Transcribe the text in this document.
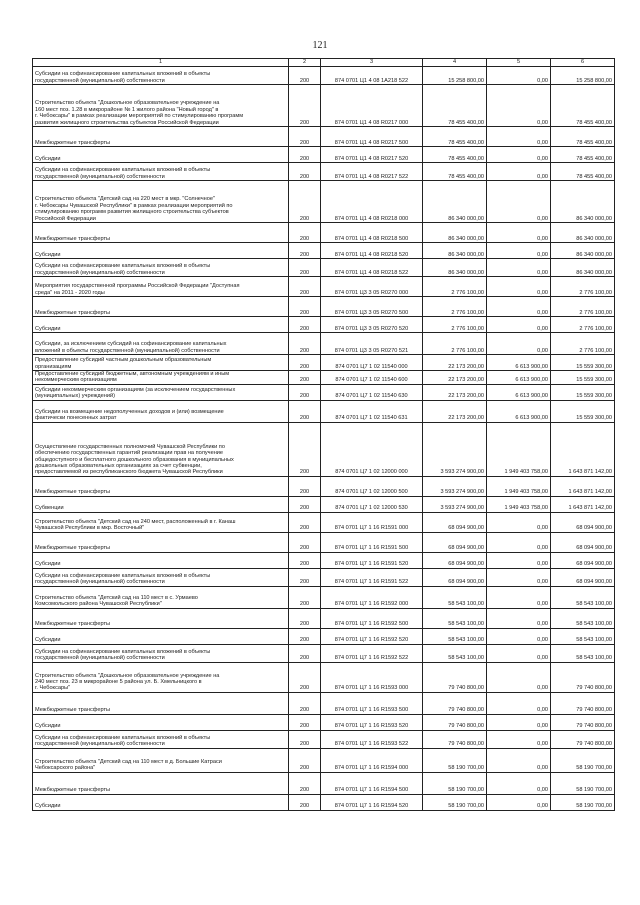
121
1	2	3	4	5	6

Субсидии на софинансирование капитальных вложений в объекты
государственной (муниципальной) собственности	200	874 0701 Ц1 4 08 1А218 522	15 258 800,00	0,00	15 258 800,00

Строительство объекта "Дошкольное образовательное учреждение на
160 мест поз. 1.28 в микрорайоне № 1 жилого района "Новый город" в
г. Чебоксары" в рамках реализации мероприятий по стимулированию программ
развития жилищного строительства субъектов Российской Федерации	200	874 0701 Ц1 4 08 R0217 000	78 455 400,00	0,00	78 455 400,00

Межбюджетные трансферты	200	874 0701 Ц1 4 08 R0217 500	78 455 400,00	0,00	78 455 400,00

Субсидии	200	874 0701 Ц1 4 08 R0217 520	78 455 400,00	0,00	78 455 400,00

Субсидии на софинансирование капитальных вложений в объекты
государственной (муниципальной) собственности	200	874 0701 Ц1 4 08 R0217 522	78 455 400,00	0,00	78 455 400,00

Строительство объекта "Детский сад на 220 мест в мкр. "Солнечное"
г. Чебоксары Чувашской Республики" в рамках реализации мероприятий по
стимулированию программ развития жилищного строительства субъектов
Российской Федерации	200	874 0701 Ц1 4 08 R0218 000	86 340 000,00	0,00	86 340 000,00

Межбюджетные трансферты	200	874 0701 Ц1 4 08 R0218 500	86 340 000,00	0,00	86 340 000,00

Субсидии	200	874 0701 Ц1 4 08 R0218 520	86 340 000,00	0,00	86 340 000,00

Субсидии на софинансирование капитальных вложений в объекты
государственной (муниципальной) собственности	200	874 0701 Ц1 4 08 R0218 522	86 340 000,00	0,00	86 340 000,00

Мероприятия государственной программы Российской Федерации "Доступная
среда" на 2011 - 2020 годы	200	874 0701 Ц3 3 05 R0270 000	2 776 100,00	0,00	2 776 100,00

Межбюджетные трансферты	200	874 0701 Ц3 3 05 R0270 500	2 776 100,00	0,00	2 776 100,00

Субсидии	200	874 0701 Ц3 3 05 R0270 520	2 776 100,00	0,00	2 776 100,00

Субсидии, за исключением субсидий на софинансирование капитальных
вложений в объекты государственной (муниципальной) собственности	200	874 0701 Ц3 3 05 R0270 521	2 776 100,00	0,00	2 776 100,00

Предоставление субсидий частным дошкольным образовательным
организациям	200	874 0701 Ц7 1 02 11540 000	22 173 200,00	6 613 900,00	15 559 300,00

Предоставление субсидий бюджетным, автономным учреждениям и иным
некоммерческим организациям	200	874 0701 Ц7 1 02 11540 600	22 173 200,00	6 613 900,00	15 559 300,00

Субсидии некоммерческим организациям (за исключением государственных
(муниципальных) учреждений)	200	874 0701 Ц7 1 02 11540 630	22 173 200,00	6 613 900,00	15 559 300,00

Субсидии на возмещение недополученных доходов и (или) возмещение
фактически понесенных затрат	200	874 0701 Ц7 1 02 11540 631	22 173 200,00	6 613 900,00	15 559 300,00

Осуществление государственных полномочий Чувашской Республики по
обеспечению государственных гарантий реализации прав на получение
общедоступного и бесплатного дошкольного образования в муниципальных
дошкольных образовательных организациях за счет субвенции,
предоставляемой из республиканского бюджета Чувашской Республики	200	874 0701 Ц7 1 02 12000 000	3 593 274 900,00	1 949 403 758,00	1 643 871 142,00

Межбюджетные трансферты	200	874 0701 Ц7 1 02 12000 500	3 593 274 900,00	1 949 403 758,00	1 643 871 142,00

Субвенции	200	874 0701 Ц7 1 02 12000 530	3 593 274 900,00	1 949 403 758,00	1 643 871 142,00

Строительство объекта "Детский сад на 240 мест, расположенный в г. Канаш
Чувашской Республики в мкр. Восточный"	200	874 0701 Ц7 1 16 R1591 000	68 094 900,00	0,00	68 094 900,00

Межбюджетные трансферты	200	874 0701 Ц7 1 16 R1591 500	68 094 900,00	0,00	68 094 900,00

Субсидии	200	874 0701 Ц7 1 16 R1591 520	68 094 900,00	0,00	68 094 900,00

Субсидии на софинансирование капитальных вложений в объекты
государственной (муниципальной) собственности	200	874 0701 Ц7 1 16 R1591 522	68 094 900,00	0,00	68 094 900,00

Строительство объекта "Детский сад на 110 мест в с. Урмаево
Комсомольского района Чувашской Республики"	200	874 0701 Ц7 1 16 R1592 000	58 543 100,00	0,00	58 543 100,00

Межбюджетные трансферты	200	874 0701 Ц7 1 16 R1592 500	58 543 100,00	0,00	58 543 100,00

Субсидии	200	874 0701 Ц7 1 16 R1592 520	58 543 100,00	0,00	58 543 100,00

Субсидии на софинансирование капитальных вложений в объекты
государственной (муниципальной) собственности	200	874 0701 Ц7 1 16 R1592 522	58 543 100,00	0,00	58 543 100,00

Строительство объекта "Дошкольное образовательное учреждение на
240 мест поз. 23 в микрорайоне 5 района ул. Б. Хмельницкого в
г. Чебоксары"	200	874 0701 Ц7 1 16 R1593 000	79 740 800,00	0,00	79 740 800,00

Межбюджетные трансферты	200	874 0701 Ц7 1 16 R1593 500	79 740 800,00	0,00	79 740 800,00

Субсидии	200	874 0701 Ц7 1 16 R1593 520	79 740 800,00	0,00	79 740 800,00

Субсидии на софинансирование капитальных вложений в объекты
государственной (муниципальной) собственности	200	874 0701 Ц7 1 16 R1593 522	79 740 800,00	0,00	79 740 800,00

Строительство объекта "Детский сад на 110 мест в д. Большие Катраси
Чебоксарского района"	200	874 0701 Ц7 1 16 R1594 000	58 190 700,00	0,00	58 190 700,00

Межбюджетные трансферты	200	874 0701 Ц7 1 16 R1594 500	58 190 700,00	0,00	58 190 700,00

Субсидии	200	874 0701 Ц7 1 16 R1594 520	58 190 700,00	0,00	58 190 700,00
